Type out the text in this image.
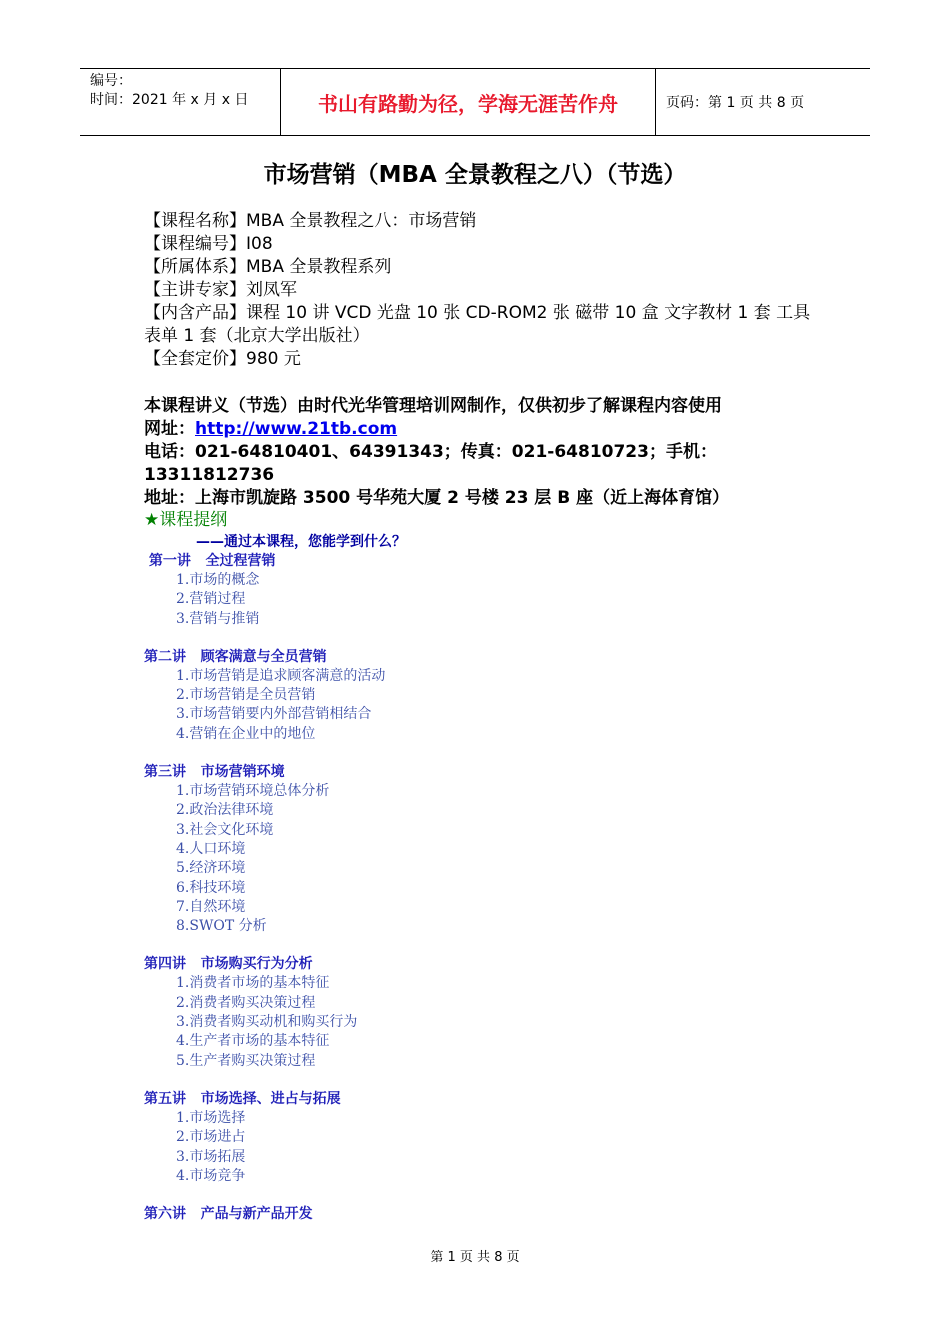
编号：
时间：2021 年 x 月 x 日	书山有路勤为径，学海无涯苦作舟	页码：第 1 页 共 8 页
市场营销（MBA 全景教程之八）（节选）
【课程名称】MBA 全景教程之八：市场营销
【课程编号】I08
【所属体系】MBA 全景教程系列
【主讲专家】刘凤军
【内含产品】课程 10 讲 VCD 光盘 10 张 CD-ROM2 张 磁带 10 盒 文字教材 1 套 工具表单 1 套（北京大学出版社）
【全套定价】980 元
本课程讲义（节选）由时代光华管理培训网制作，仅供初步了解课程内容使用
网址：http://www.21tb.com
电话：021-64810401、64391343；传真：021-64810723；手机：13311812736
地址：上海市凯旋路 3500 号华苑大厦 2 号楼 23 层 B 座（近上海体育馆）
★课程提纲
——通过本课程，您能学到什么？
第一讲   全过程营销
1.市场的概念
2.营销过程
3.营销与推销
第二讲   顾客满意与全员营销
1.市场营销是追求顾客满意的活动
2.市场营销是全员营销
3.市场营销要内外部营销相结合
4.营销在企业中的地位
第三讲   市场营销环境
1.市场营销环境总体分析
2.政治法律环境
3.社会文化环境
4.人口环境
5.经济环境
6.科技环境
7.自然环境
8.SWOT 分析
第四讲   市场购买行为分析
1.消费者市场的基本特征
2.消费者购买决策过程
3.消费者购买动机和购买行为
4.生产者市场的基本特征
5.生产者购买决策过程
第五讲   市场选择、进占与拓展
1.市场选择
2.市场进占
3.市场拓展
4.市场竞争
第六讲   产品与新产品开发
第 1 页 共 8 页
